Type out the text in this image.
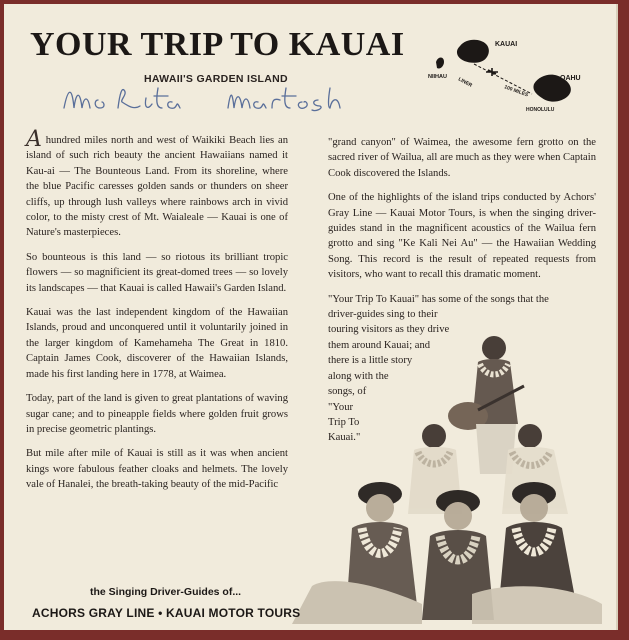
YOUR TRIP TO KAUAI
HAWAII'S GARDEN ISLAND
KAUAI
NIIHAU	OAHU
HONOLULU
LINER
100 MILES

A hundred miles north and west of Waikiki Beach lies an island of such rich beauty the ancient Hawaiians named it Kau-ai — The Bounteous Land. From its shoreline, where the blue Pacific caresses golden sands or thunders on sheer cliffs, up through lush valleys where rainbows arch in vivid color, to the misty crest of Mt. Waialeale — Kauai is one of Nature's masterpieces.

So bounteous is this land — so riotous its brilliant tropic flowers — so magnificient its great-domed trees — so lovely its landscapes — that Kauai is called Hawaii's Garden Island.

Kauai was the last independent kingdom of the Hawaiian Islands, proud and unconquered until it voluntarily joined in the larger kingdom of Kamehameha The Great in 1810. Captain James Cook, discoverer of the Hawaiian Islands, made his first landing here in 1778, at Waimea.

Today, part of the land is given to great plantations of waving sugar cane; and to pineapple fields where golden fruit grows in precise geometric plantings.

But mile after mile of Kauai is still as it was when ancient kings wore fabulous feather cloaks and helmets. The lovely vale of Hanalei, the breath-taking beauty of the mid-Pacific

"grand canyon" of Waimea, the awesome fern grotto on the sacred river of Wailua, all are much as they were when Captain Cook discovered the Islands.

One of the highlights of the island trips conducted by Achors' Gray Line — Kauai Motor Tours, is when the singing driver-guides stand in the magnificent acoustics of the Wailua fern grotto and sing "Ke Kali Nei Au" — the Hawaiian Wedding Song. This record is the result of repeated requests from visitors, who want to recall this dramatic moment.

"Your Trip To Kauai" has some of the songs that the
driver-guides sing to their
touring visitors as they drive
them around Kauai; and
there is a little story
along with the
songs, of
"Your
Trip To
Kauai."
the Singing Driver-Guides of...
ACHORS GRAY LINE • KAUAI MOTOR TOURS
